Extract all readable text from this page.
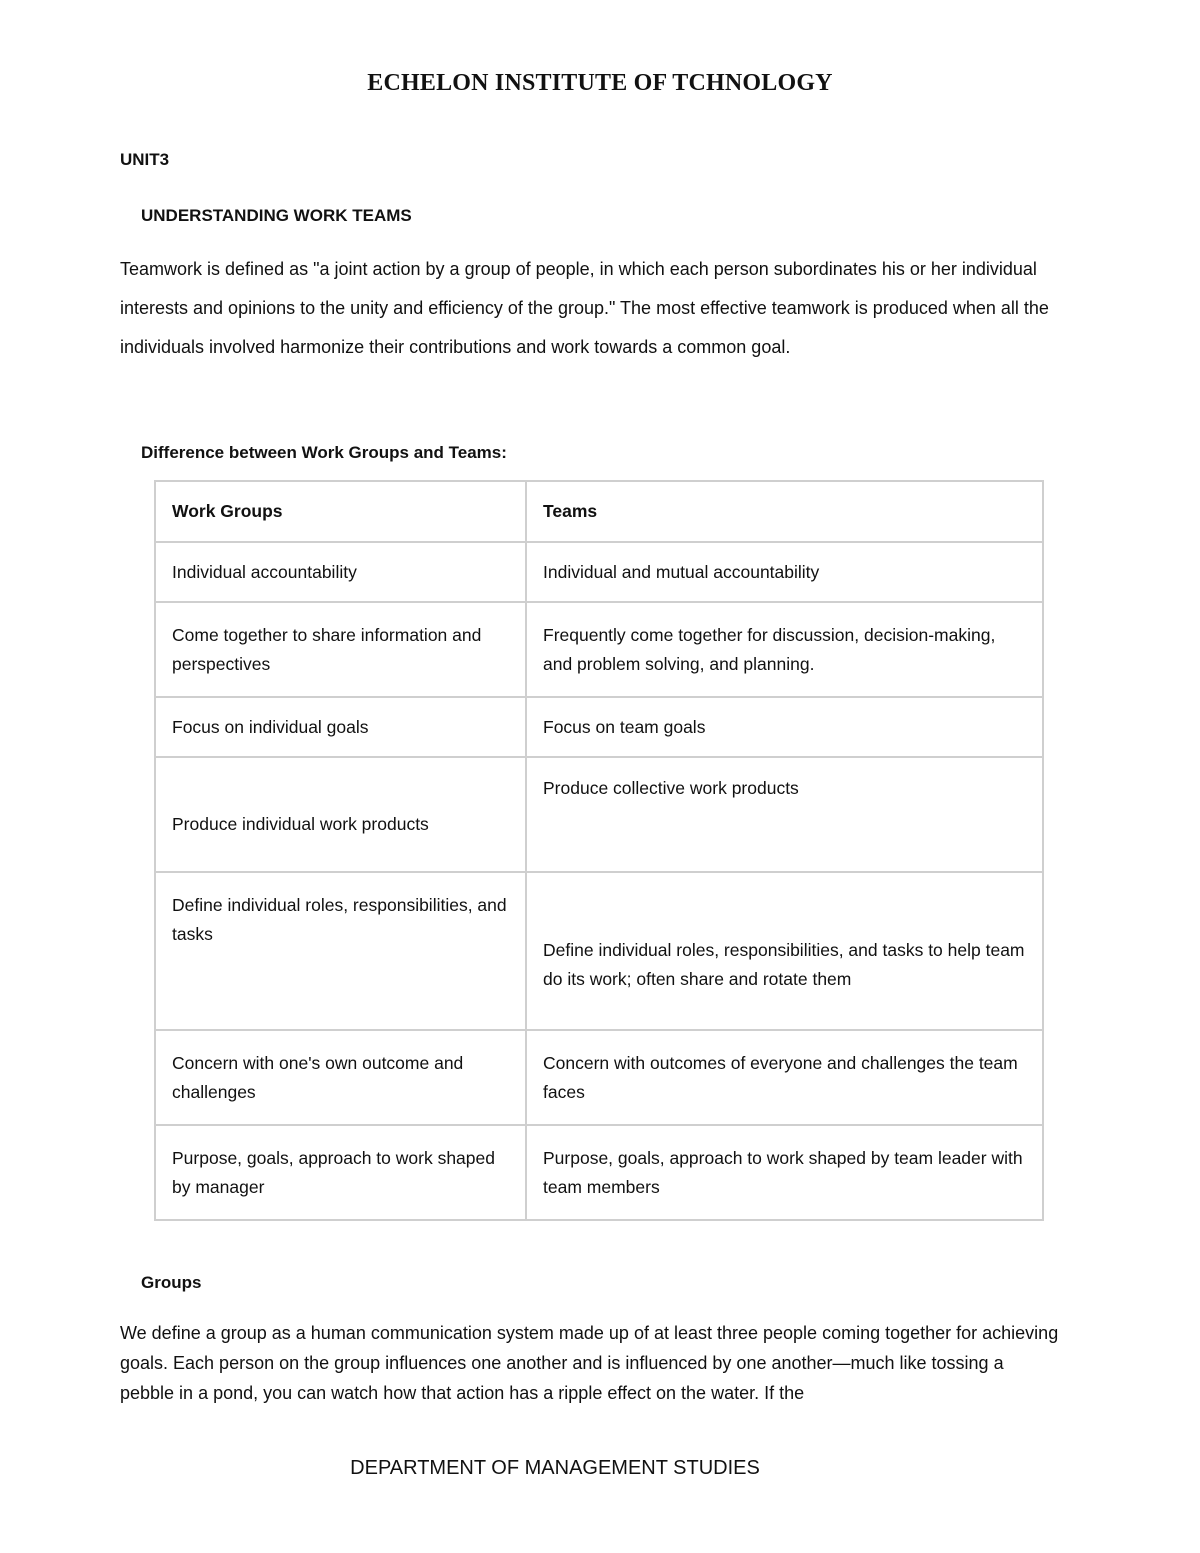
ECHELON INSTITUTE OF TCHNOLOGY
UNIT3
UNDERSTANDING WORK TEAMS

Teamwork is defined as "a joint action by a group of people, in which each person subordinates his or her individual interests and opinions to the unity and efficiency of the group." The most effective teamwork is produced when all the individuals involved harmonize their contributions and work towards a common goal.

Difference between Work Groups and Teams:
Work Groups	Teams
Individual accountability	Individual and mutual accountability
Come together to share information and perspectives	Frequently come together for discussion, decision-making, and problem solving, and planning.
Focus on individual goals	Focus on team goals
Produce individual work products	Produce collective work products
Define individual roles, responsibilities, and tasks	Define individual roles, responsibilities, and tasks to help team do its work; often share and rotate them
Concern with one's own outcome and challenges	Concern with outcomes of everyone and challenges the team faces
Purpose, goals, approach to work shaped by manager	Purpose, goals, approach to work shaped by team leader with team members
Groups

We define a group as a human communication system made up of at least three people coming together for achieving goals. Each person on the group influences one another and is influenced by one another—much like tossing a pebble in a pond, you can watch how that action has a ripple effect on the water. If the

DEPARTMENT OF MANAGEMENT STUDIES
